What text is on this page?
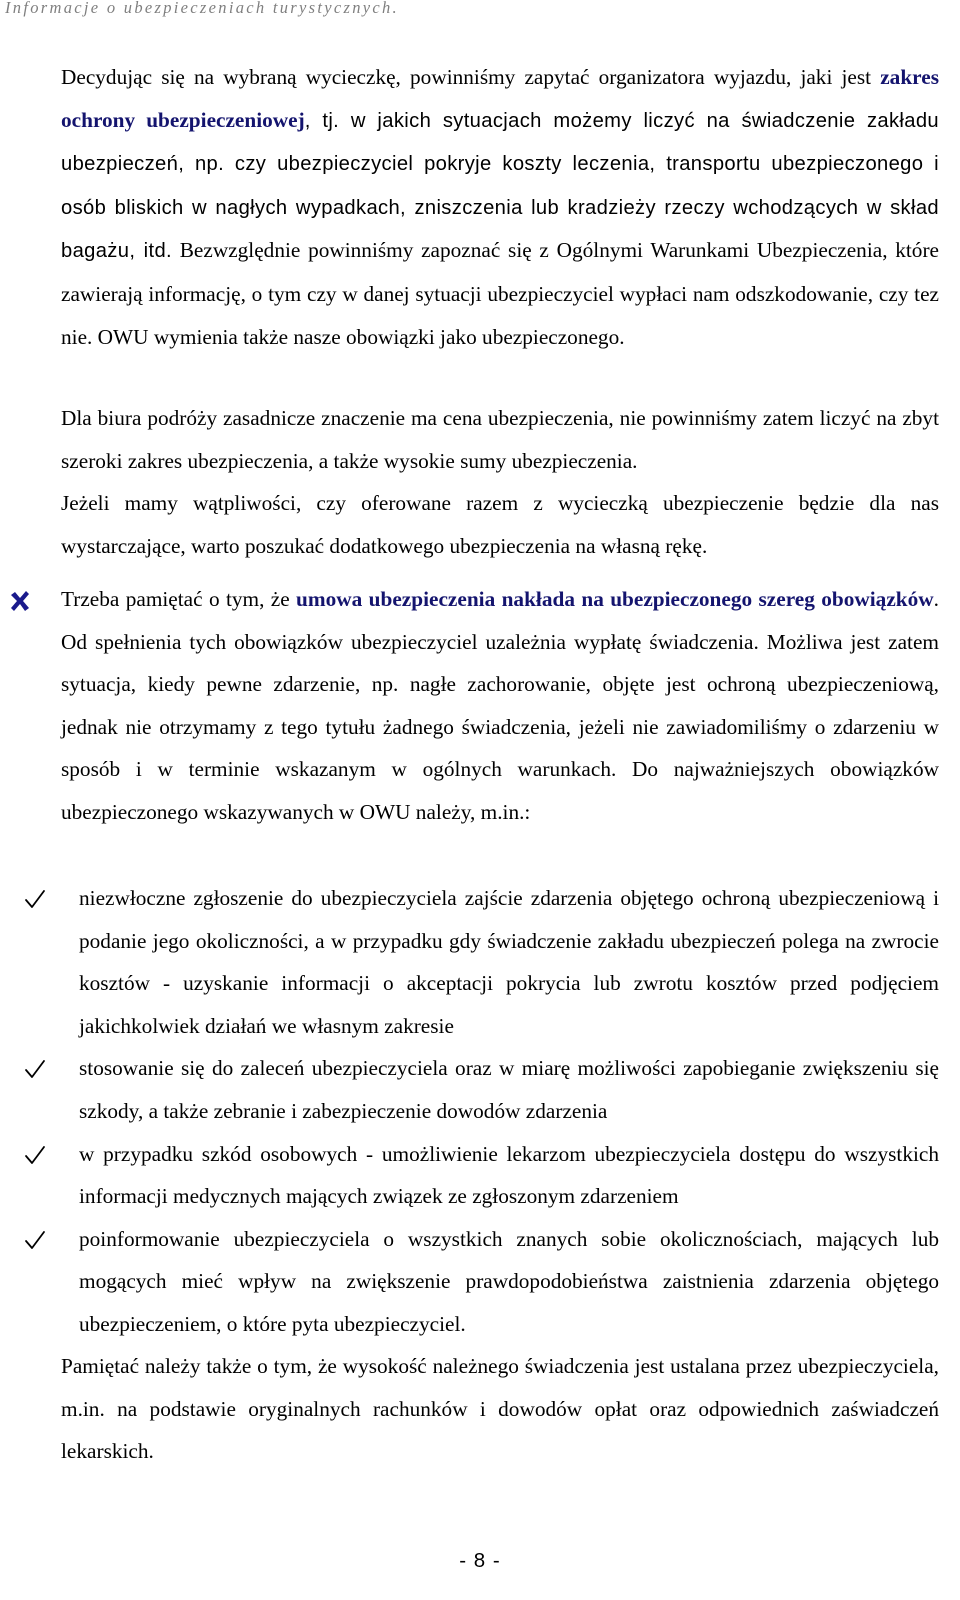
Informacje o ubezpieczeniach turystycznych.

Decydując się na wybraną wycieczkę, powinniśmy zapytać organizatora wyjazdu, jaki jest zakres ochrony ubezpieczeniowej, tj. w jakich sytuacjach możemy liczyć na świadczenie zakładu ubezpieczeń, np. czy ubezpieczyciel pokryje koszty leczenia, transportu ubezpieczonego i osób bliskich w nagłych wypadkach, zniszczenia lub kradzieży rzeczy wchodzących w skład bagażu, itd. Bezwzględnie powinniśmy zapoznać się z Ogólnymi Warunkami Ubezpieczenia, które zawierają informację, o tym czy w danej sytuacji ubezpieczyciel wypłaci nam odszkodowanie, czy tez nie. OWU wymienia także nasze obowiązki jako ubezpieczonego.

Dla biura podróży zasadnicze znaczenie ma cena ubezpieczenia, nie powinniśmy zatem liczyć na zbyt szeroki zakres ubezpieczenia, a także wysokie sumy ubezpieczenia.

Jeżeli mamy wątpliwości, czy oferowane razem z wycieczką ubezpieczenie będzie dla nas wystarczające, warto poszukać dodatkowego ubezpieczenia na własną rękę.

Trzeba pamiętać o tym, że umowa ubezpieczenia nakłada na ubezpieczonego szereg obowiązków. Od spełnienia tych obowiązków ubezpieczyciel uzależnia wypłatę świadczenia. Możliwa jest zatem sytuacja, kiedy pewne zdarzenie, np. nagłe zachorowanie, objęte jest ochroną ubezpieczeniową, jednak nie otrzymamy z tego tytułu żadnego świadczenia, jeżeli nie zawiadomiliśmy o zdarzeniu w sposób i w terminie wskazanym w ogólnych warunkach. Do najważniejszych obowiązków ubezpieczonego wskazywanych w OWU należy, m.in.:

niezwłoczne zgłoszenie do ubezpieczyciela zajście zdarzenia objętego ochroną ubezpieczeniową i podanie jego okoliczności, a w przypadku gdy świadczenie zakładu ubezpieczeń polega na zwrocie kosztów - uzyskanie informacji o akceptacji pokrycia lub zwrotu kosztów przed podjęciem jakichkolwiek działań we własnym zakresie
stosowanie się do zaleceń ubezpieczyciela oraz w miarę możliwości zapobieganie zwiększeniu się szkody, a także zebranie i zabezpieczenie dowodów zdarzenia
w przypadku szkód osobowych - umożliwienie lekarzom ubezpieczyciela dostępu do wszystkich informacji medycznych mających związek ze zgłoszonym zdarzeniem
poinformowanie ubezpieczyciela o wszystkich znanych sobie okolicznościach, mających lub mogących mieć wpływ na zwiększenie prawdopodobieństwa zaistnienia zdarzenia objętego ubezpieczeniem, o które pyta ubezpieczyciel.

Pamiętać należy także o tym, że wysokość należnego świadczenia jest ustalana przez ubezpieczyciela, m.in. na podstawie oryginalnych rachunków i dowodów opłat oraz odpowiednich zaświadczeń lekarskich.

- 8 -
